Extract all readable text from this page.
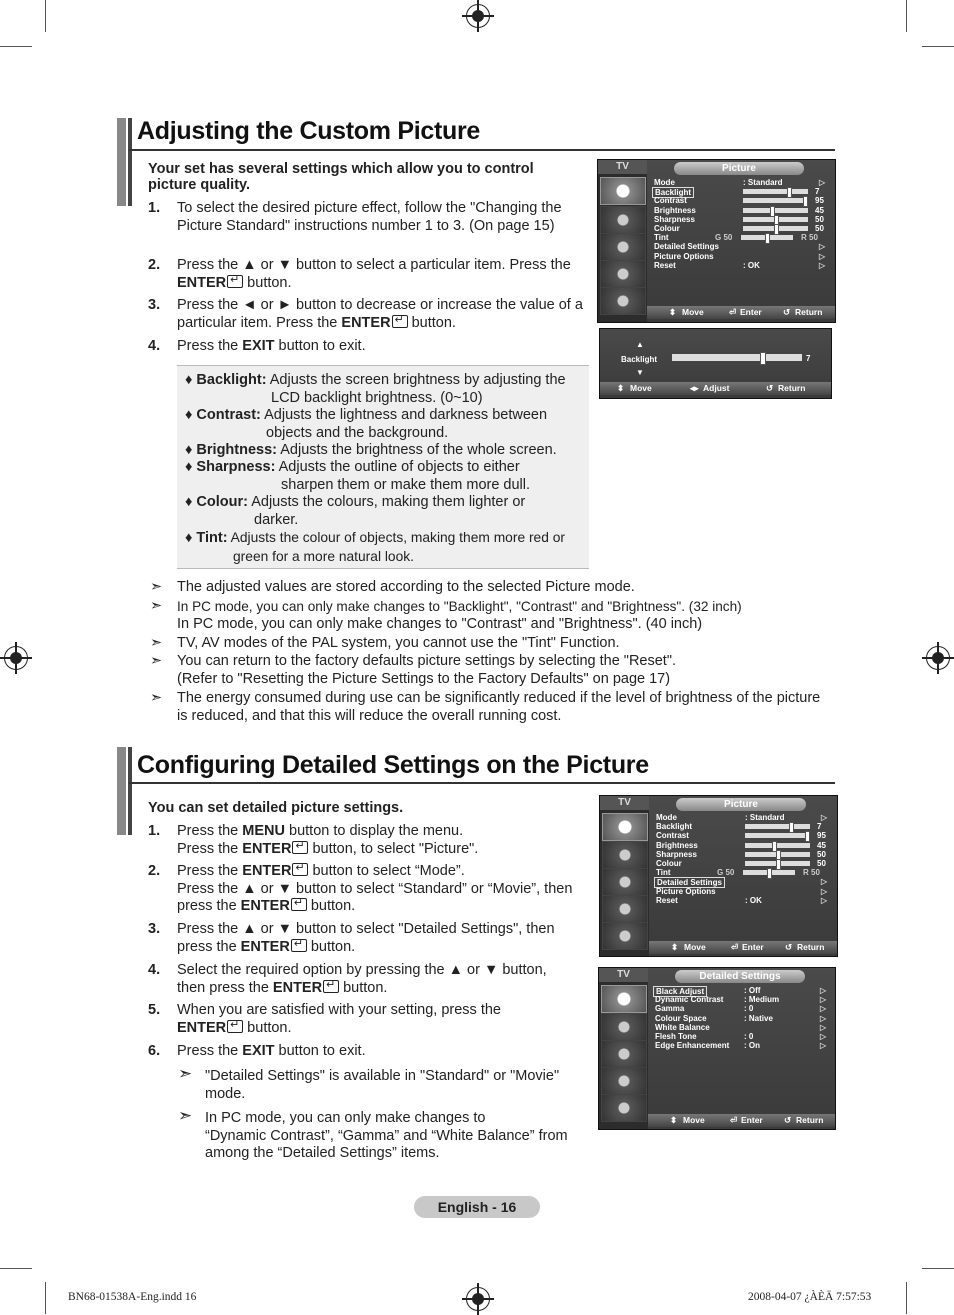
Adjusting the Custom Picture
Your set has several settings which allow you to control picture quality.
1. To select the desired picture effect, follow the "Changing the Picture Standard" instructions number 1 to 3. (On page 15)
2. Press the ▲ or ▼ button to select a particular item. Press the ENTER↵ button.
3. Press the ◄ or ► button to decrease or increase the value of a particular item. Press the ENTER↵ button.
4. Press the EXIT button to exit.
♦ Backlight: Adjusts the screen brightness by adjusting the
LCD backlight brightness. (0~10)
♦ Contrast: Adjusts the lightness and darkness between
objects and the background.
♦ Brightness: Adjusts the brightness of the whole screen.
♦ Sharpness: Adjusts the outline of objects to either
sharpen them or make them more dull.
♦ Colour: Adjusts the colours, making them lighter or
darker.
♦ Tint: Adjusts the colour of objects, making them more red or
green for a more natural look.
➣ The adjusted values are stored according to the selected Picture mode.
➣ In PC mode, you can only make changes to "Backlight", "Contrast" and "Brightness". (32 inch)
In PC mode, you can only make changes to "Contrast" and "Brightness". (40 inch)
➣ TV, AV modes of the PAL system, you cannot use the "Tint" Function.
➣ You can return to the factory defaults picture settings by selecting the "Reset".
(Refer to "Resetting the Picture Settings to the Factory Defaults" on page 17)
➣ The energy consumed during use can be significantly reduced if the level of brightness of the picture
is reduced, and that this will reduce the overall running cost.
TV	Picture
Mode	: Standard	▷
Backlight	7
Contrast	95
Brightness	45
Sharpness	50
Colour	50
Tint	G 50	R 50
Detailed Settings	▷
Picture Options	▷
Reset	: OK	▷
⬍ Move	⏎ Enter	↺ Return
▲
Backlight
▼
7
⬍ Move	◂▸ Adjust	↺ Return
Configuring Detailed Settings on the Picture
You can set detailed picture settings.
1. Press the MENU button to display the menu.
Press the ENTER↵ button, to select "Picture".
2. Press the ENTER↵ button to select “Mode”.
Press the ▲ or ▼ button to select “Standard” or “Movie”, then
press the ENTER↵ button.
3. Press the ▲ or ▼ button to select "Detailed Settings", then
press the ENTER↵ button.
4. Select the required option by pressing the ▲ or ▼ button,
then press the ENTER↵ button.
5. When you are satisfied with your setting, press the
ENTER↵ button.
6. Press the EXIT button to exit.
➣ "Detailed Settings" is available in "Standard" or "Movie"
mode.
➣ In PC mode, you can only make changes to
“Dynamic Contrast”, “Gamma” and “White Balance” from
among the “Detailed Settings” items.
TV	Picture
Mode	: Standard	▷
Backlight	7
Contrast	95
Brightness	45
Sharpness	50
Colour	50
Tint	G 50	R 50
Detailed Settings	▷
Picture Options	▷
Reset	: OK	▷
⬍ Move	⏎ Enter	↺ Return
TV	Detailed Settings
Black Adjust	: Off	▷
Dynamic Contrast	: Medium	▷
Gamma	: 0	▷
Colour Space	: Native	▷
White Balance	▷
Flesh Tone	: 0	▷
Edge Enhancement : On	▷
⬍ Move	⏎ Enter	↺ Return
English - 16
BN68-01538A-Eng.indd 16	2008-04-07 ¿ÀÈÄ 7:57:53
